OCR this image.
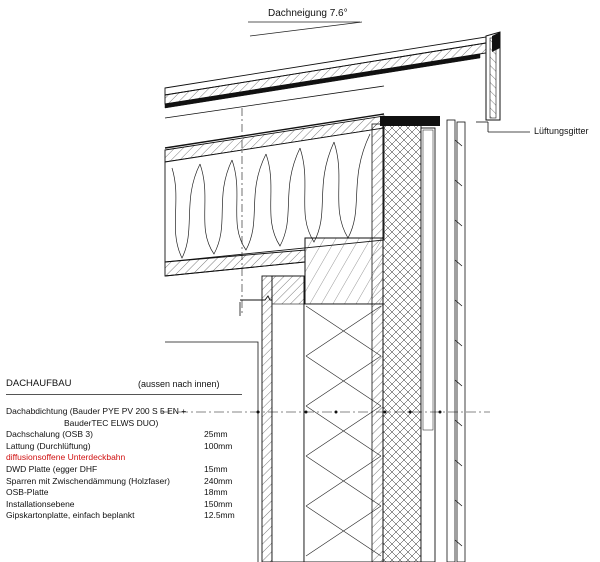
Dachneigung 7.6°
Lüftungsgitter
DACHAUFBAU	(aussen nach innen)
Dachabdichtung (Bauder PYE PV 200 S 5 EN +
BauderTEC ELWS DUO)
Dachschalung (OSB 3)	25mm
Lattung (Durchlüftung)	100mm
diffusionsoffene Unterdeckbahn
DWD Platte (egger DHF	15mm
Sparren mit Zwischendämmung (Holzfaser)	240mm
OSB-Platte	18mm
Installationsebene	150mm
Gipskartonplatte, einfach beplankt	12.5mm
